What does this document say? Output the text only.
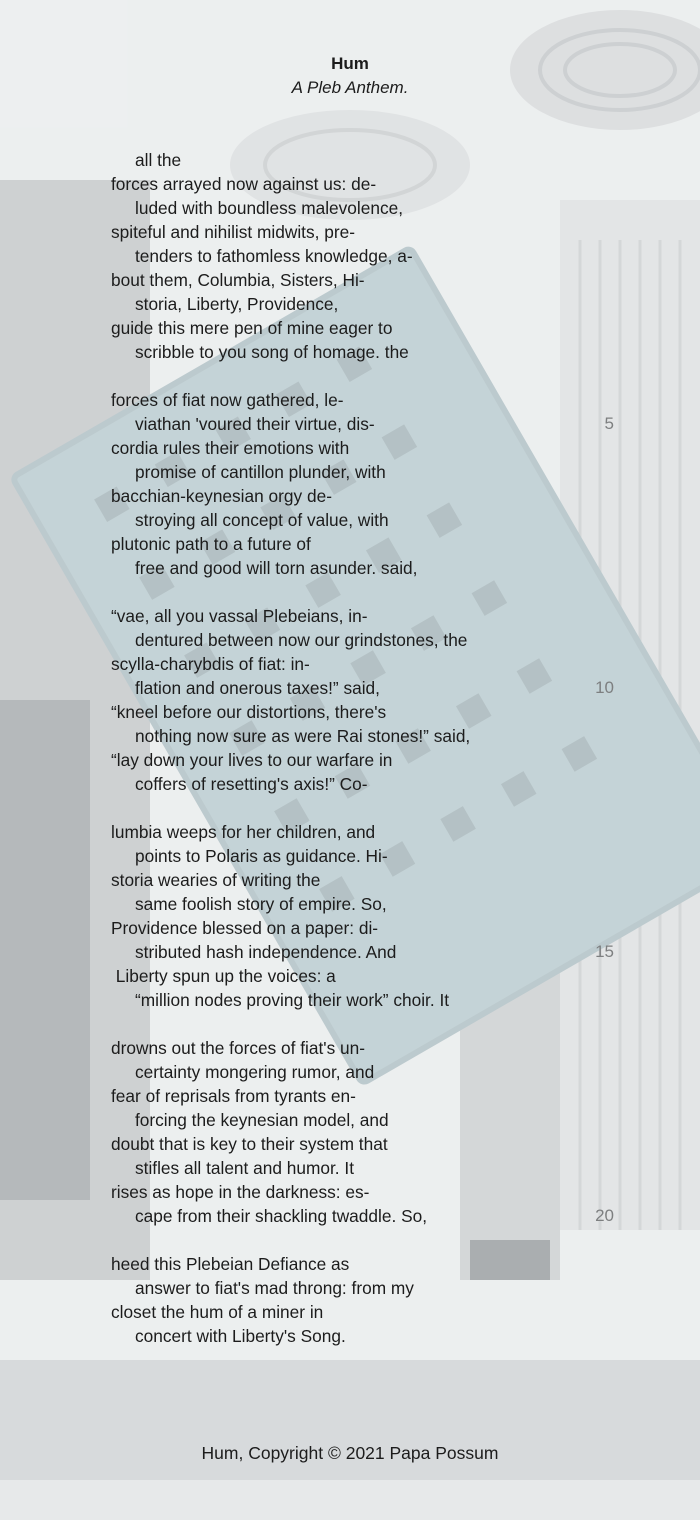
Hum
A Pleb Anthem.
all the
forces arrayed now against us: de-
luded with boundless malevolence,
spiteful and nihilist midwits, pre-
tenders to fathomless knowledge, a-
bout them, Columbia, Sisters, Hi-
storia, Liberty, Providence,
guide this mere pen of mine eager to
scribble to you song of homage. the
forces of fiat now gathered, le-
viathan 'voured their virtue, dis-
cordia rules their emotions with
promise of cantillon plunder, with
bacchian-keynesian orgy de-
stroying all concept of value, with
plutonic path to a future of
free and good will torn asunder. said,
“vae, all you vassal Plebeians, in-
dentured between now our grindstones, the
scylla-charybdis of fiat: in-
flation and onerous taxes!” said,
“kneel before our distortions, there's
nothing now sure as were Rai stones!” said,
“lay down your lives to our warfare in
coffers of resetting's axis!” Co-
lumbia weeps for her children, and
points to Polaris as guidance. Hi-
storia wearies of writing the
same foolish story of empire. So,
Providence blessed on a paper: di-
stributed hash independence. And
Liberty spun up the voices: a
“million nodes proving their work” choir. It
drowns out the forces of fiat's un-
certainty mongering rumor, and
fear of reprisals from tyrants en-
forcing the keynesian model, and
doubt that is key to their system that
stifles all talent and humor. It
rises as hope in the darkness: es-
cape from their shackling twaddle. So,
heed this Plebeian Defiance as
answer to fiat's mad throng: from my
closet the hum of a miner in
concert with Liberty's Song.
5
10
15
20
Hum, Copyright © 2021 Papa Possum
